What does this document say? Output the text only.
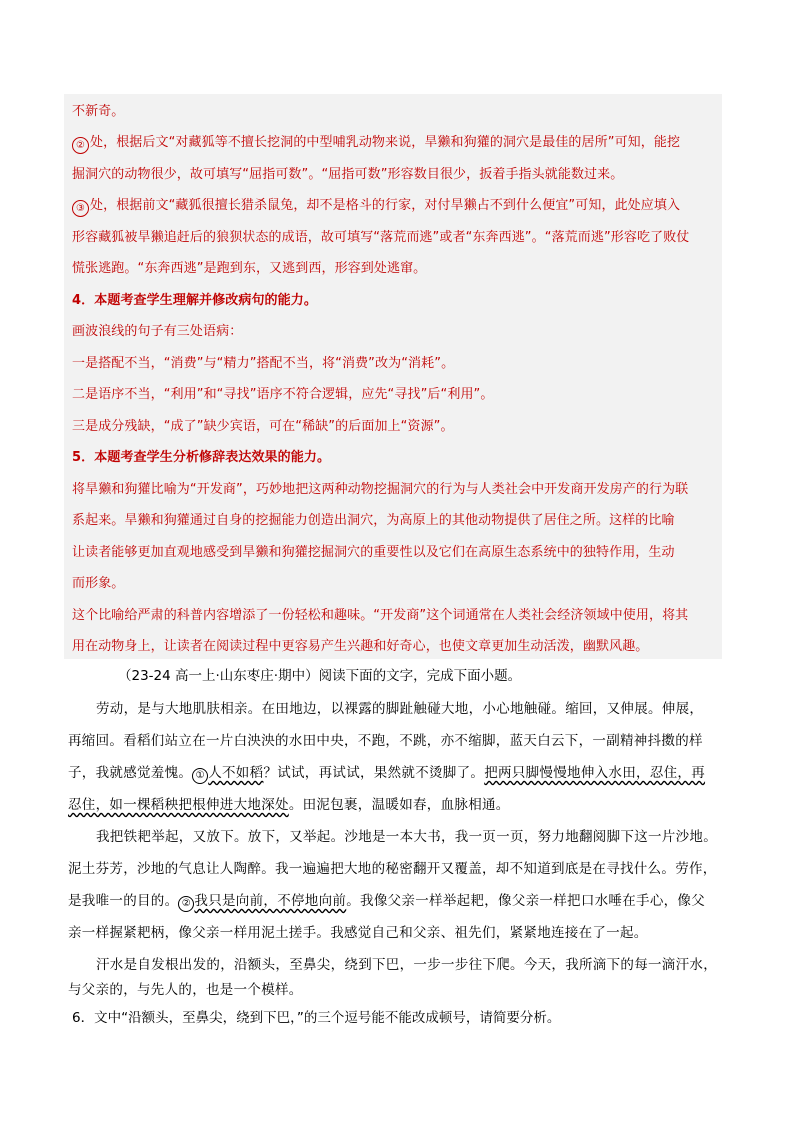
不新奇。
② 处，根据后文“对藏狐等不擅长挖洞的中型哺乳动物来说，旱獭和狗獾的洞穴是最佳的居所”可知，能挖
掘洞穴的动物很少，故可填写“屈指可数”。“屈指可数”形容数目很少，扳着手指头就能数过来。
③ 处，根据前文“藏狐很擅长猎杀鼠兔，却不是格斗的行家，对付旱獭占不到什么便宜”可知，此处应填入
形容藏狐被旱獭追赶后的狼狈状态的成语，故可填写“落荒而逃”或者“东奔西逃”。“落荒而逃”形容吃了败仗
慌张逃跑。“东奔西逃”是跑到东，又逃到西，形容到处逃窜。
4．本题考查学生理解并修改病句的能力。
画波浪线的句子有三处语病：
一是搭配不当，“消费”与“精力”搭配不当，将“消费”改为“消耗”。
二是语序不当，“利用”和“寻找”语序不符合逻辑，应先“寻找”后“利用”。
三是成分残缺，“成了”缺少宾语，可在“稀缺”的后面加上“资源”。
5．本题考查学生分析修辞表达效果的能力。
将旱獭和狗獾比喻为“开发商”，巧妙地把这两种动物挖掘洞穴的行为与人类社会中开发商开发房产的行为联
系起来。旱獭和狗獾通过自身的挖掘能力创造出洞穴，为高原上的其他动物提供了居住之所。这样的比喻
让读者能够更加直观地感受到旱獭和狗獾挖掘洞穴的重要性以及它们在高原生态系统中的独特作用，生动
而形象。
这个比喻给严肃的科普内容增添了一份轻松和趣味。“开发商”这个词通常在人类社会经济领域中使用，将其
用在动物身上，让读者在阅读过程中更容易产生兴趣和好奇心，也使文章更加生动活泼，幽默风趣。
（23-24 高一上·山东枣庄·期中）阅读下面的文字，完成下面小题。
劳动，是与大地肌肤相亲。在田地边，以裸露的脚趾触碰大地，小心地触碰。缩回，又伸展。伸展，
再缩回。看稻们站立在一片白泱泱的水田中央，不跑，不跳，亦不缩脚，蓝天白云下，一副精神抖擞的样
子，我就感觉羞愧。 ① 人不如稻？试试，再试试，果然就不烫脚了。把两只脚慢慢地伸入水田，忍住，再
忍住，如一棵稻秧把根伸进大地深处。田泥包裹，温暖如春，血脉相通。
我把铁耙举起，又放下。放下，又举起。沙地是一本大书，我一页一页，努力地翻阅脚下这一片沙地。
泥土芬芳，沙地的气息让人陶醉。我一遍遍把大地的秘密翻开又覆盖，却不知道到底是在寻找什么。劳作，
是我唯一的目的。 ② 我只是向前，不停地向前。我像父亲一样举起耙，像父亲一样把口水唾在手心，像父
亲一样握紧耙柄，像父亲一样用泥土搓手。我感觉自己和父亲、祖先们，紧紧地连接在了一起。
汗水是自发根出发的，沿额头，至鼻尖，绕到下巴，一步一步往下爬。今天，我所滴下的每一滴汗水，
与父亲的，与先人的，也是一个模样。
6．文中“沿额头，至鼻尖，绕到下巴，”的三个逗号能不能改成顿号，请简要分析。
